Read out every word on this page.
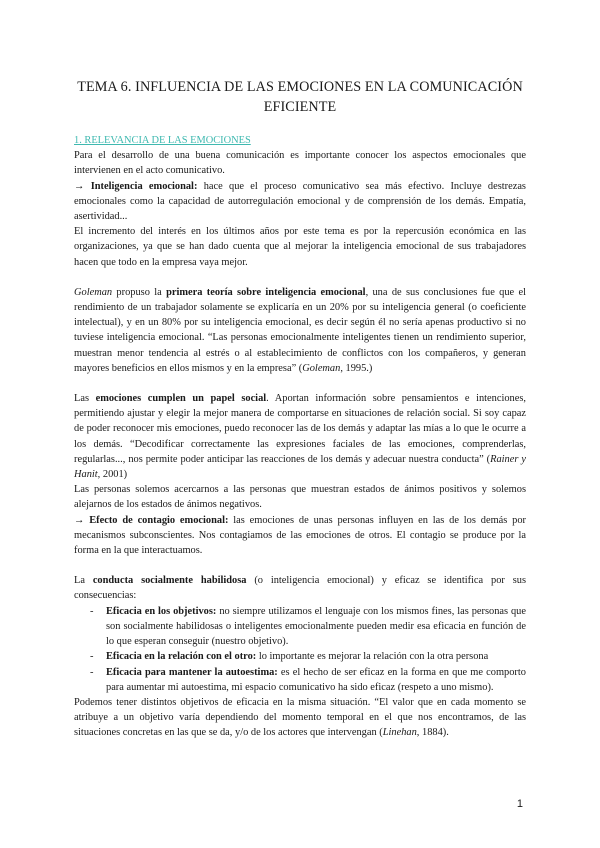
TEMA 6. INFLUENCIA DE LAS EMOCIONES EN LA COMUNICACIÓN EFICIENTE

1. RELEVANCIA DE LAS EMOCIONES

Para el desarrollo de una buena comunicación es importante conocer los aspectos emocionales que intervienen en el acto comunicativo.

→ Inteligencia emocional: hace que el proceso comunicativo sea más efectivo. Incluye destrezas emocionales como la capacidad de autorregulación emocional y de comprensión de los demás. Empatía, asertividad...

El incremento del interés en los últimos años por este tema es por la repercusión económica en las organizaciones, ya que se han dado cuenta que al mejorar la inteligencia emocional de sus trabajadores hacen que todo en la empresa vaya mejor.

Goleman propuso la primera teoría sobre inteligencia emocional, una de sus conclusiones fue que el rendimiento de un trabajador solamente se explicaría en un 20% por su inteligencia general (o coeficiente intelectual), y en un 80% por su inteligencia emocional, es decir según él no sería apenas productivo si no tuviese inteligencia emocional. “Las personas emocionalmente inteligentes tienen un rendimiento superior, muestran menor tendencia al estrés o al establecimiento de conflictos con los compañeros, y generan mayores beneficios en ellos mismos y en la empresa” (Goleman, 1995.)

Las emociones cumplen un papel social. Aportan información sobre pensamientos e intenciones, permitiendo ajustar y elegir la mejor manera de comportarse en situaciones de relación social. Si soy capaz de poder reconocer mis emociones, puedo reconocer las de los demás y adaptar las mías a lo que le ocurre a los demás. “Decodificar correctamente las expresiones faciales de las emociones, comprenderlas, regularlas..., nos permite poder anticipar las reacciones de los demás y adecuar nuestra conducta” (Rainer y Hanit, 2001)

Las personas solemos acercarnos a las personas que muestran estados de ánimos positivos y solemos alejarnos de los estados de ánimos negativos.

→ Efecto de contagio emocional: las emociones de unas personas influyen en las de los demás por mecanismos subconscientes. Nos contagiamos de las emociones de otros. El contagio se produce por la forma en la que interactuamos.

La conducta socialmente habilidosa (o inteligencia emocional) y eficaz se identifica por sus consecuencias:

- Eficacia en los objetivos: no siempre utilizamos el lenguaje con los mismos fines, las personas que son socialmente habilidosas o inteligentes emocionalmente pueden medir esa eficacia en función de lo que esperan conseguir (nuestro objetivo).
- Eficacia en la relación con el otro: lo importante es mejorar la relación con la otra persona
- Eficacia para mantener la autoestima: es el hecho de ser eficaz en la forma en que me comporto para aumentar mi autoestima, mi espacio comunicativo ha sido eficaz (respeto a uno mismo).

Podemos tener distintos objetivos de eficacia en la misma situación. “El valor que en cada momento se atribuye a un objetivo varía dependiendo del momento temporal en el que nos encontramos, de las situaciones concretas en las que se da, y/o de los actores que intervengan (Linehan, 1884).

1
